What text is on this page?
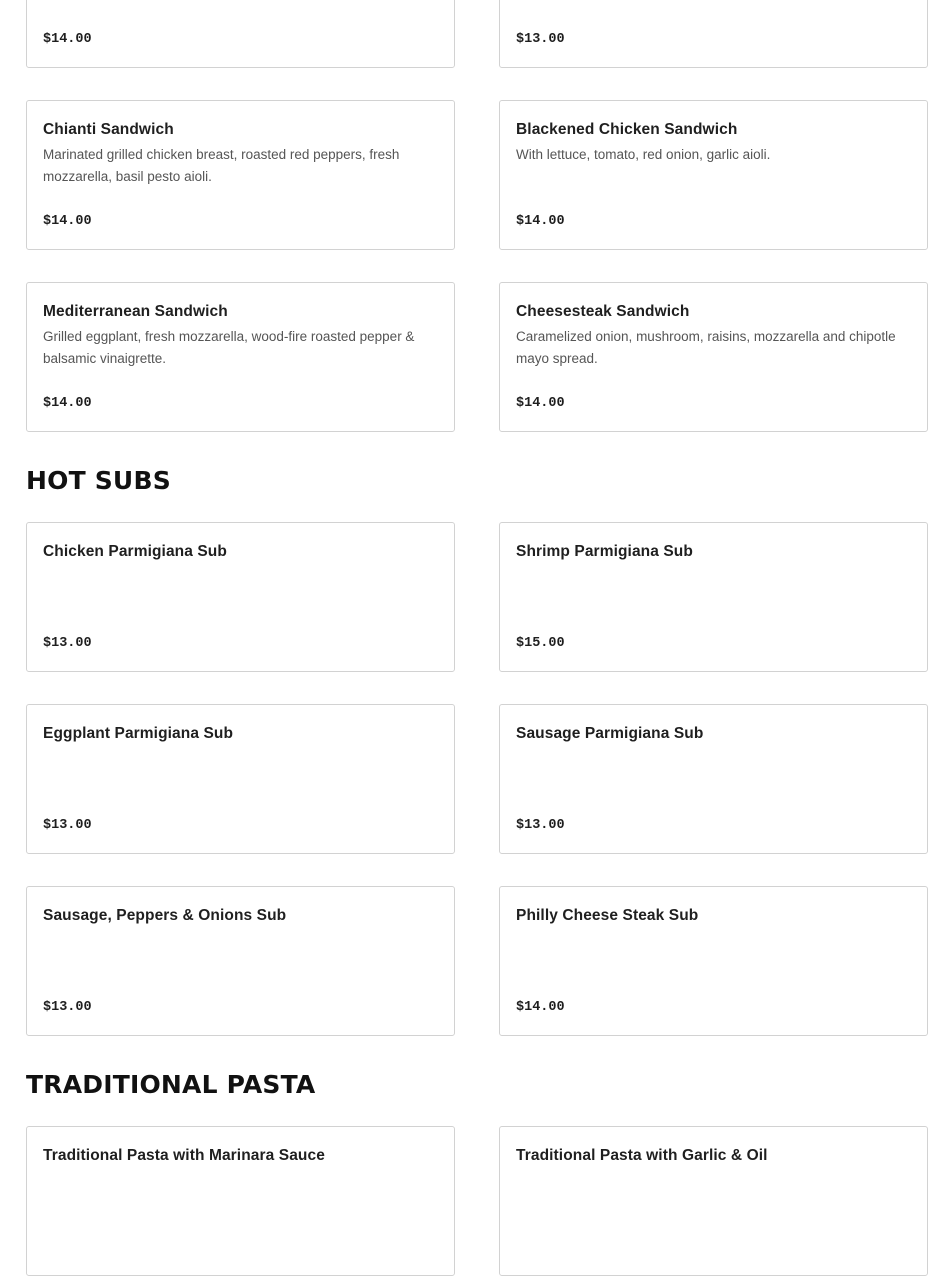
$14.00	$13.00
Chianti Sandwich
Marinated grilled chicken breast, roasted red peppers, fresh mozzarella, basil pesto aioli.
$14.00
Blackened Chicken Sandwich
With lettuce, tomato, red onion, garlic aioli.
$14.00
Mediterranean Sandwich
Grilled eggplant, fresh mozzarella, wood-fire roasted pepper & balsamic vinaigrette.
$14.00
Cheesesteak Sandwich
Caramelized onion, mushroom, raisins, mozzarella and chipotle mayo spread.
$14.00
HOT SUBS
Chicken Parmigiana Sub
$13.00
Shrimp Parmigiana Sub
$15.00
Eggplant Parmigiana Sub
$13.00
Sausage Parmigiana Sub
$13.00
Sausage, Peppers & Onions Sub
$13.00
Philly Cheese Steak Sub
$14.00
TRADITIONAL PASTA
Traditional Pasta with Marinara Sauce	Traditional Pasta with Garlic & Oil
